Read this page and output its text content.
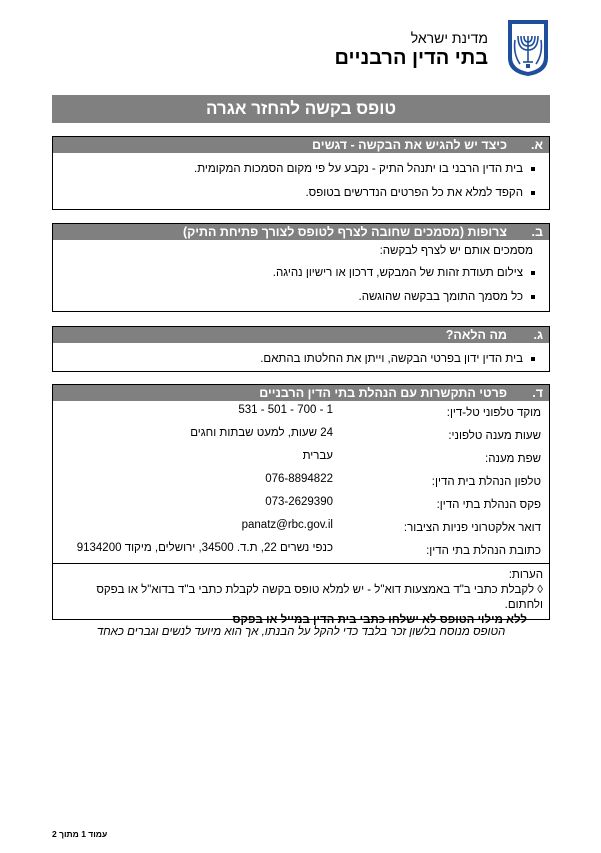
מדינת ישראל
בתי הדין הרבניים
טופס בקשה להחזר אגרה
א.כיצד יש להגיש את הבקשה - דגשים
בית הדין הרבני בו יתנהל התיק - נקבע על פי מקום הסמכות המקומית.
הקפד למלא את כל הפרטים הנדרשים בטופס.
ב.צרופות (מסמכים שחובה לצרף לטופס לצורך פתיחת התיק)
מסמכים אותם יש לצרף לבקשה:
צילום תעודת זהות של המבקש, דרכון או רישיון נהיגה.
כל מסמך התומך בבקשה שהוגשה.
ג.מה הלאה?
בית הדין ידון בפרטי הבקשה, וייתן את החלטתו בהתאם.
ד.פרטי התקשרות עם הנהלת בתי הדין הרבניים
מוקד טלפוני טל-דין:
531 - 501 - 700 - 1
שעות מענה טלפוני:
24 שעות, למעט שבתות וחגים
שפת מענה:
עברית
טלפון הנהלת בית הדין:
076-8894822
פקס הנהלת בתי הדין:
073-2629390
דואר אלקטרוני פניות הציבור:
panatz@rbc.gov.il
כתובת הנהלת בתי הדין:
כנפי נשרים 22, ת.ד. 34500, ירושלים, מיקוד 9134200
הערות:
◊ לקבלת כתבי ב"ד באמצעות דוא"ל - יש למלא טופס בקשה לקבלת כתבי ב"ד בדוא"ל או בפקס ולחתום.
ללא מילוי הטופס לא ישלחו כתבי בית הדין במייל או בפקס
הטופס מנוסח בלשון זכר בלבד כדי להקל על הבנתו, אך הוא מיועד לנשים וגברים כאחד
עמוד 1 מתוך 2
